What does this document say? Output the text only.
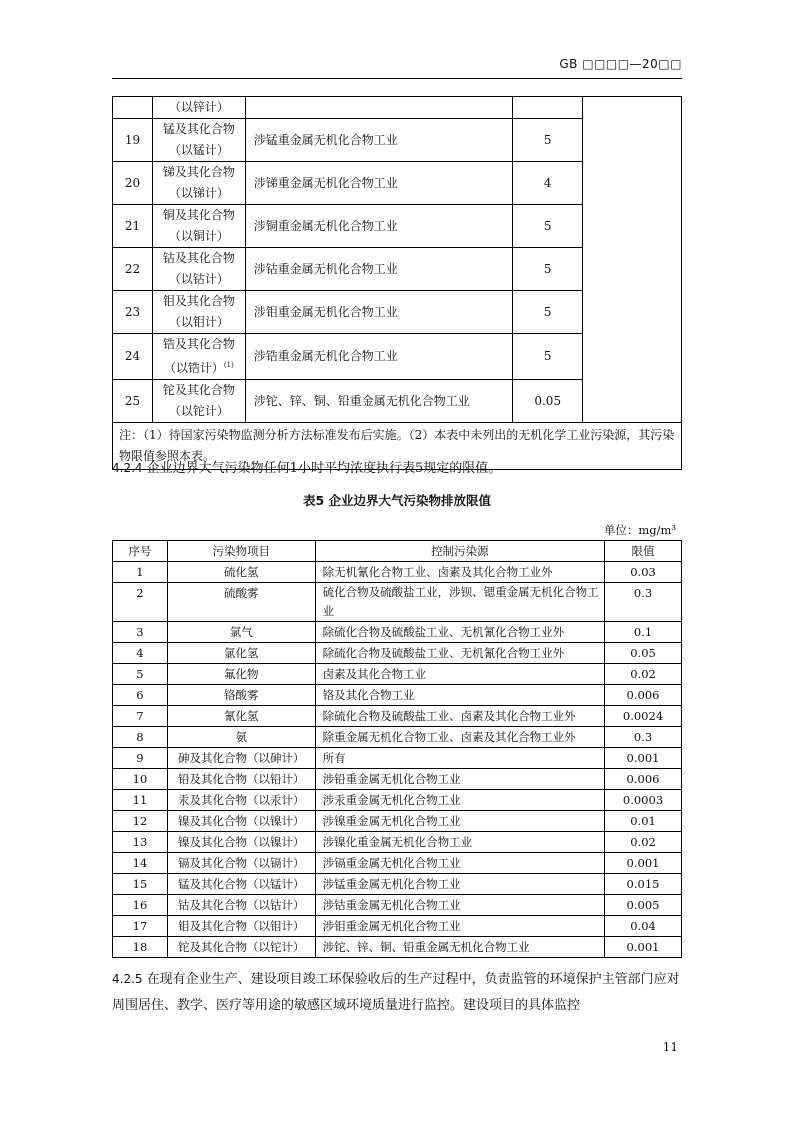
GB □□□□—20□□
	（以锌计）			
19	锰及其化合物（以锰计）	涉锰重金属无机化合物工业	5	
20	锑及其化合物（以锑计）	涉锑重金属无机化合物工业	4	
21	铜及其化合物（以铜计）	涉铜重金属无机化合物工业	5	
22	钴及其化合物（以钴计）	涉钴重金属无机化合物工业	5	
23	钼及其化合物（以钼计）	涉钼重金属无机化合物工业	5	
24	锆及其化合物（以锆计）$^{(1)}$	涉锆重金属无机化合物工业	5	
25	铊及其化合物（以铊计）	涉铊、锌、铜、铅重金属无机化合物工业	0.05	
注：（1）待国家污染物监测分析方法标准发布后实施。（2）本表中未列出的无机化学工业污染源，其污染物限值参照本表。				
4.2.4 企业边界大气污染物任何1小时平均浓度执行表5规定的限值。
表5 企业边界大气污染物排放限值
单位：mg/m³
序号	污染物项目	控制污染源	限值
1	硫化氢	除无机氰化合物工业、卤素及其化合物工业外	0.03
2	硫酸雾	硫化合物及硫酸盐工业，涉钡、锶重金属无机化合物工业	0.3
3	氯气	除硫化合物及硫酸盐工业、无机氰化合物工业外	0.1
4	氯化氢	除硫化合物及硫酸盐工业、无机氰化合物工业外	0.05
5	氟化物	卤素及其化合物工业	0.02
6	铬酸雾	铬及其化合物工业	0.006
7	氰化氢	除硫化合物及硫酸盐工业、卤素及其化合物工业外	0.0024
8	氨	除重金属无机化合物工业、卤素及其化合物工业外	0.3
9	砷及其化合物（以砷计）	所有	0.001
10	铅及其化合物（以铅计）	涉铅重金属无机化合物工业	0.006
11	汞及其化合物（以汞计）	涉汞重金属无机化合物工业	0.0003
12	镍及其化合物（以镍计）	涉镍重金属无机化合物工业	0.01
13	镍及其化合物（以镍计）	涉镍化重金属无机化合物工业	0.02
14	镉及其化合物（以镉计）	涉镉重金属无机化合物工业	0.001
15	锰及其化合物（以锰计）	涉锰重金属无机化合物工业	0.015
16	钴及其化合物（以钴计）	涉钴重金属无机化合物工业	0.005
17	钼及其化合物（以钼计）	涉钼重金属无机化合物工业	0.04
18	铊及其化合物（以铊计）	涉铊、锌、铜、铅重金属无机化合物工业	0.001
4.2.5 在现有企业生产、建设项目竣工环保验收后的生产过程中，负责监管的环境保护主管部门应对周围居住、教学、医疗等用途的敏感区域环境质量进行监控。建设项目的具体监控
11
